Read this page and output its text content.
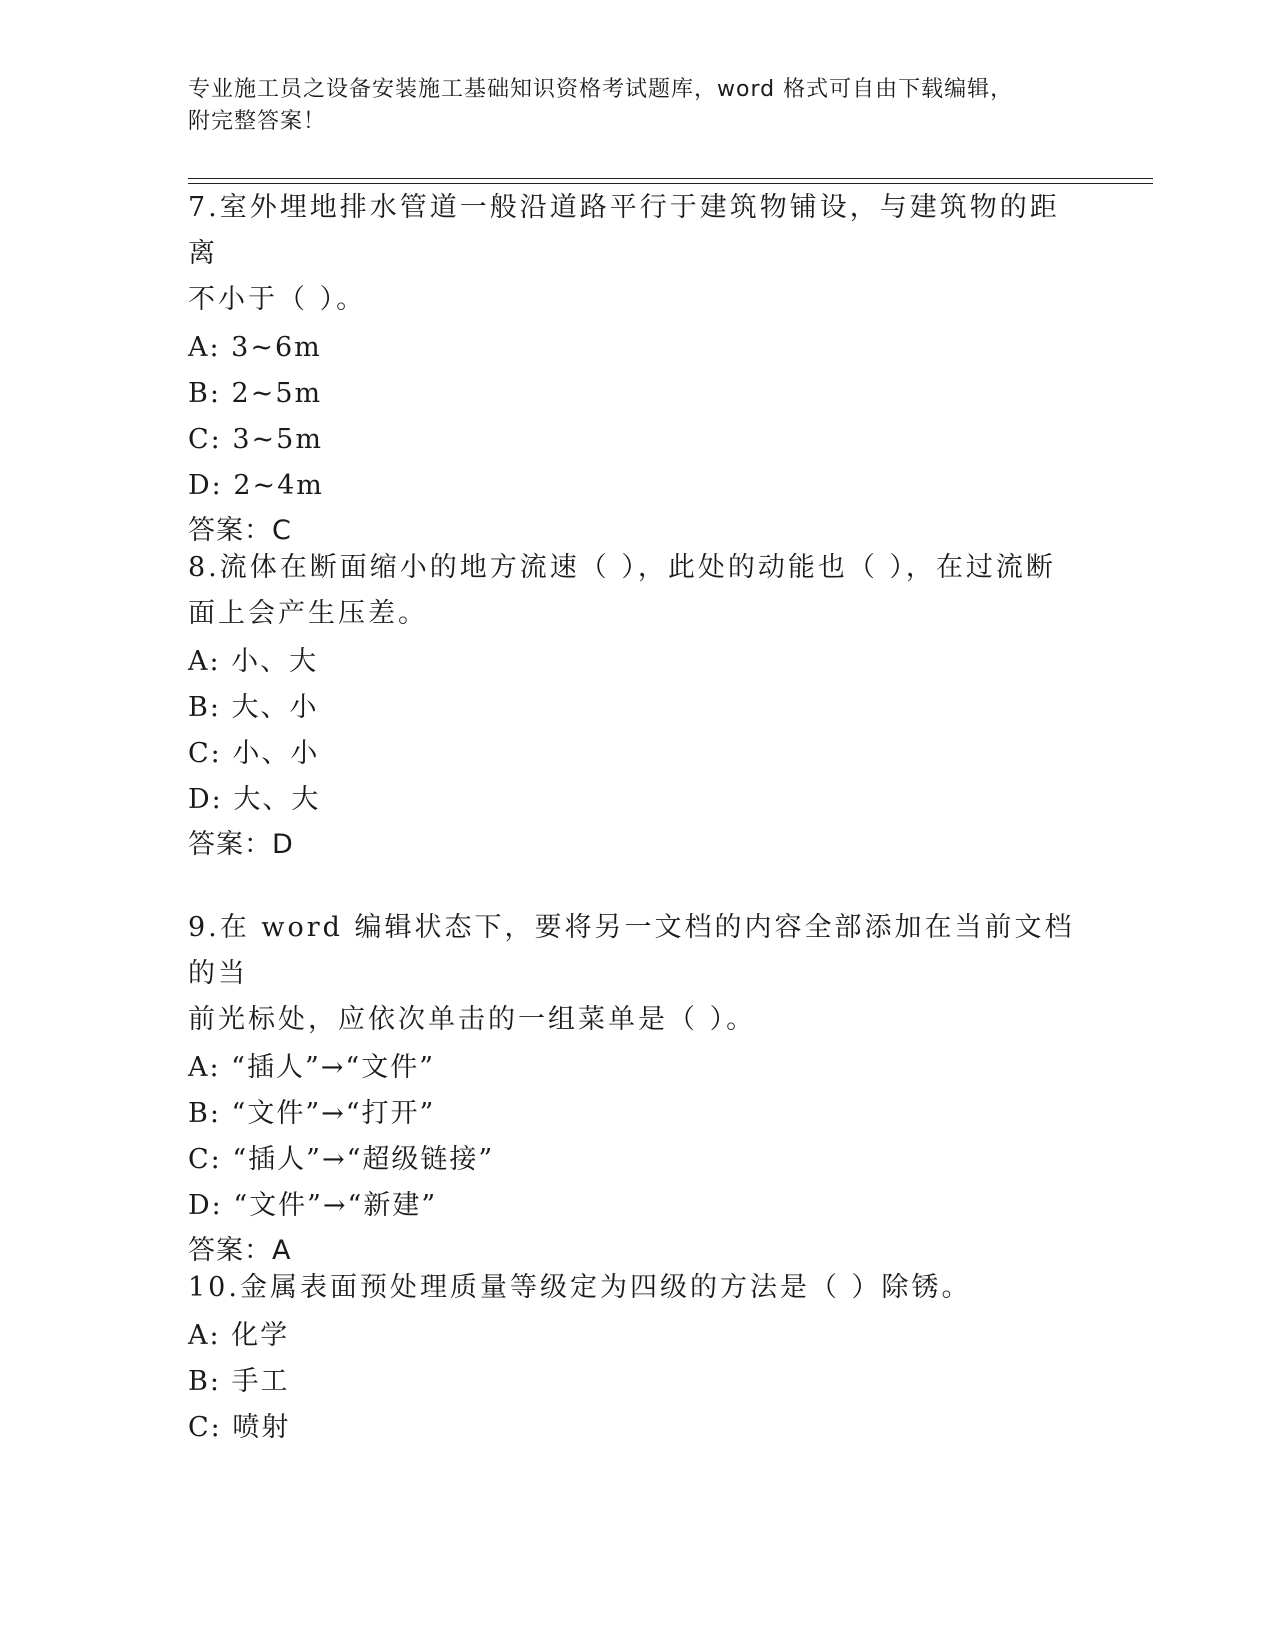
专业施工员之设备安装施工基础知识资格考试题库，word 格式可自由下载编辑，
附完整答案！
7.室外埋地排水管道一般沿道路平行于建筑物铺设，与建筑物的距离
不小于（ ）。
A: 3~6m
B: 2~5m
C: 3~5m
D: 2~4m
答案：C
8.流体在断面缩小的地方流速（ ），此处的动能也（ ），在过流断
面上会产生压差。
A: 小、大
B: 大、小
C: 小、小
D: 大、大
答案：D
9.在 word 编辑状态下，要将另一文档的内容全部添加在当前文档的当
前光标处，应依次单击的一组菜单是（ ）。
A: “插人”→“文件”
B: “文件”→“打开”
C: “插人”→“超级链接”
D: “文件”→“新建”
答案：A
10.金属表面预处理质量等级定为四级的方法是（ ）除锈。
A: 化学
B: 手工
C: 喷射
